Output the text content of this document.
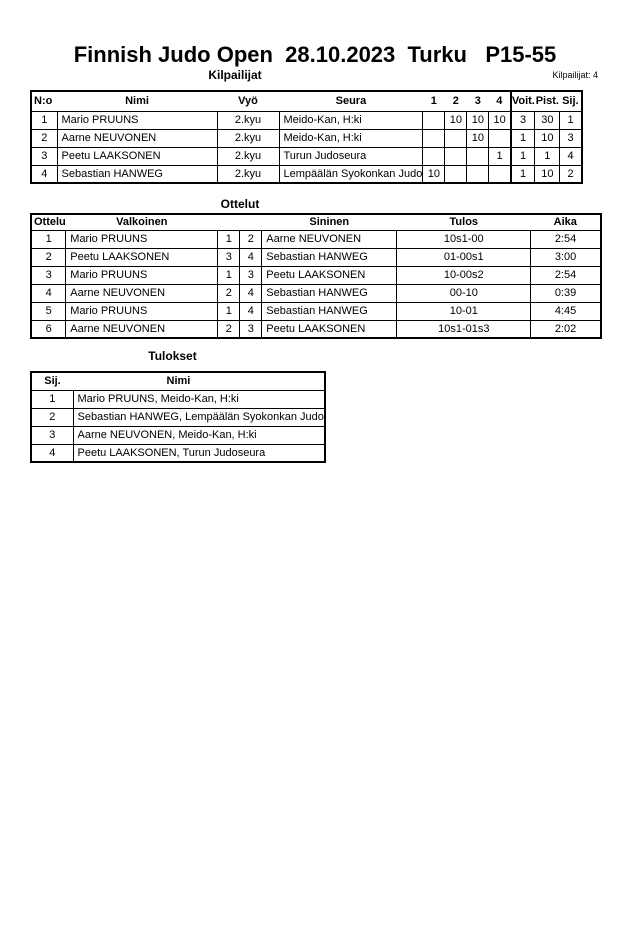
Finnish Judo Open  28.10.2023  Turku   P15-55
Kilpailijat	Kilpailijat: 4
N:o	Nimi	Vyö	Seura	1	2	3	4	Voit.	Pist.	Sij.
1	Mario PRUUNS	2.kyu	Meido-Kan, H:ki		10	10	10	3	30	1
2	Aarne NEUVONEN	2.kyu	Meido-Kan, H:ki			10		1	10	3
3	Peetu LAAKSONEN	2.kyu	Turun Judoseura				1	1	1	4
4	Sebastian HANWEG	2.kyu	Lempäälän Syokonkan Judo	10				1	10	2
Ottelut
Ottelu	Valkoinen			Sininen	Tulos	Aika
1	Mario PRUUNS	1	2	Aarne NEUVONEN	10s1-00	2:54
2	Peetu LAAKSONEN	3	4	Sebastian HANWEG	01-00s1	3:00
3	Mario PRUUNS	1	3	Peetu LAAKSONEN	10-00s2	2:54
4	Aarne NEUVONEN	2	4	Sebastian HANWEG	00-10	0:39
5	Mario PRUUNS	1	4	Sebastian HANWEG	10-01	4:45
6	Aarne NEUVONEN	2	3	Peetu LAAKSONEN	10s1-01s3	2:02
Tulokset
Sij.	Nimi
1	Mario PRUUNS, Meido-Kan, H:ki
2	Sebastian HANWEG, Lempäälän Syokonkan Judo
3	Aarne NEUVONEN, Meido-Kan, H:ki
4	Peetu LAAKSONEN, Turun Judoseura
